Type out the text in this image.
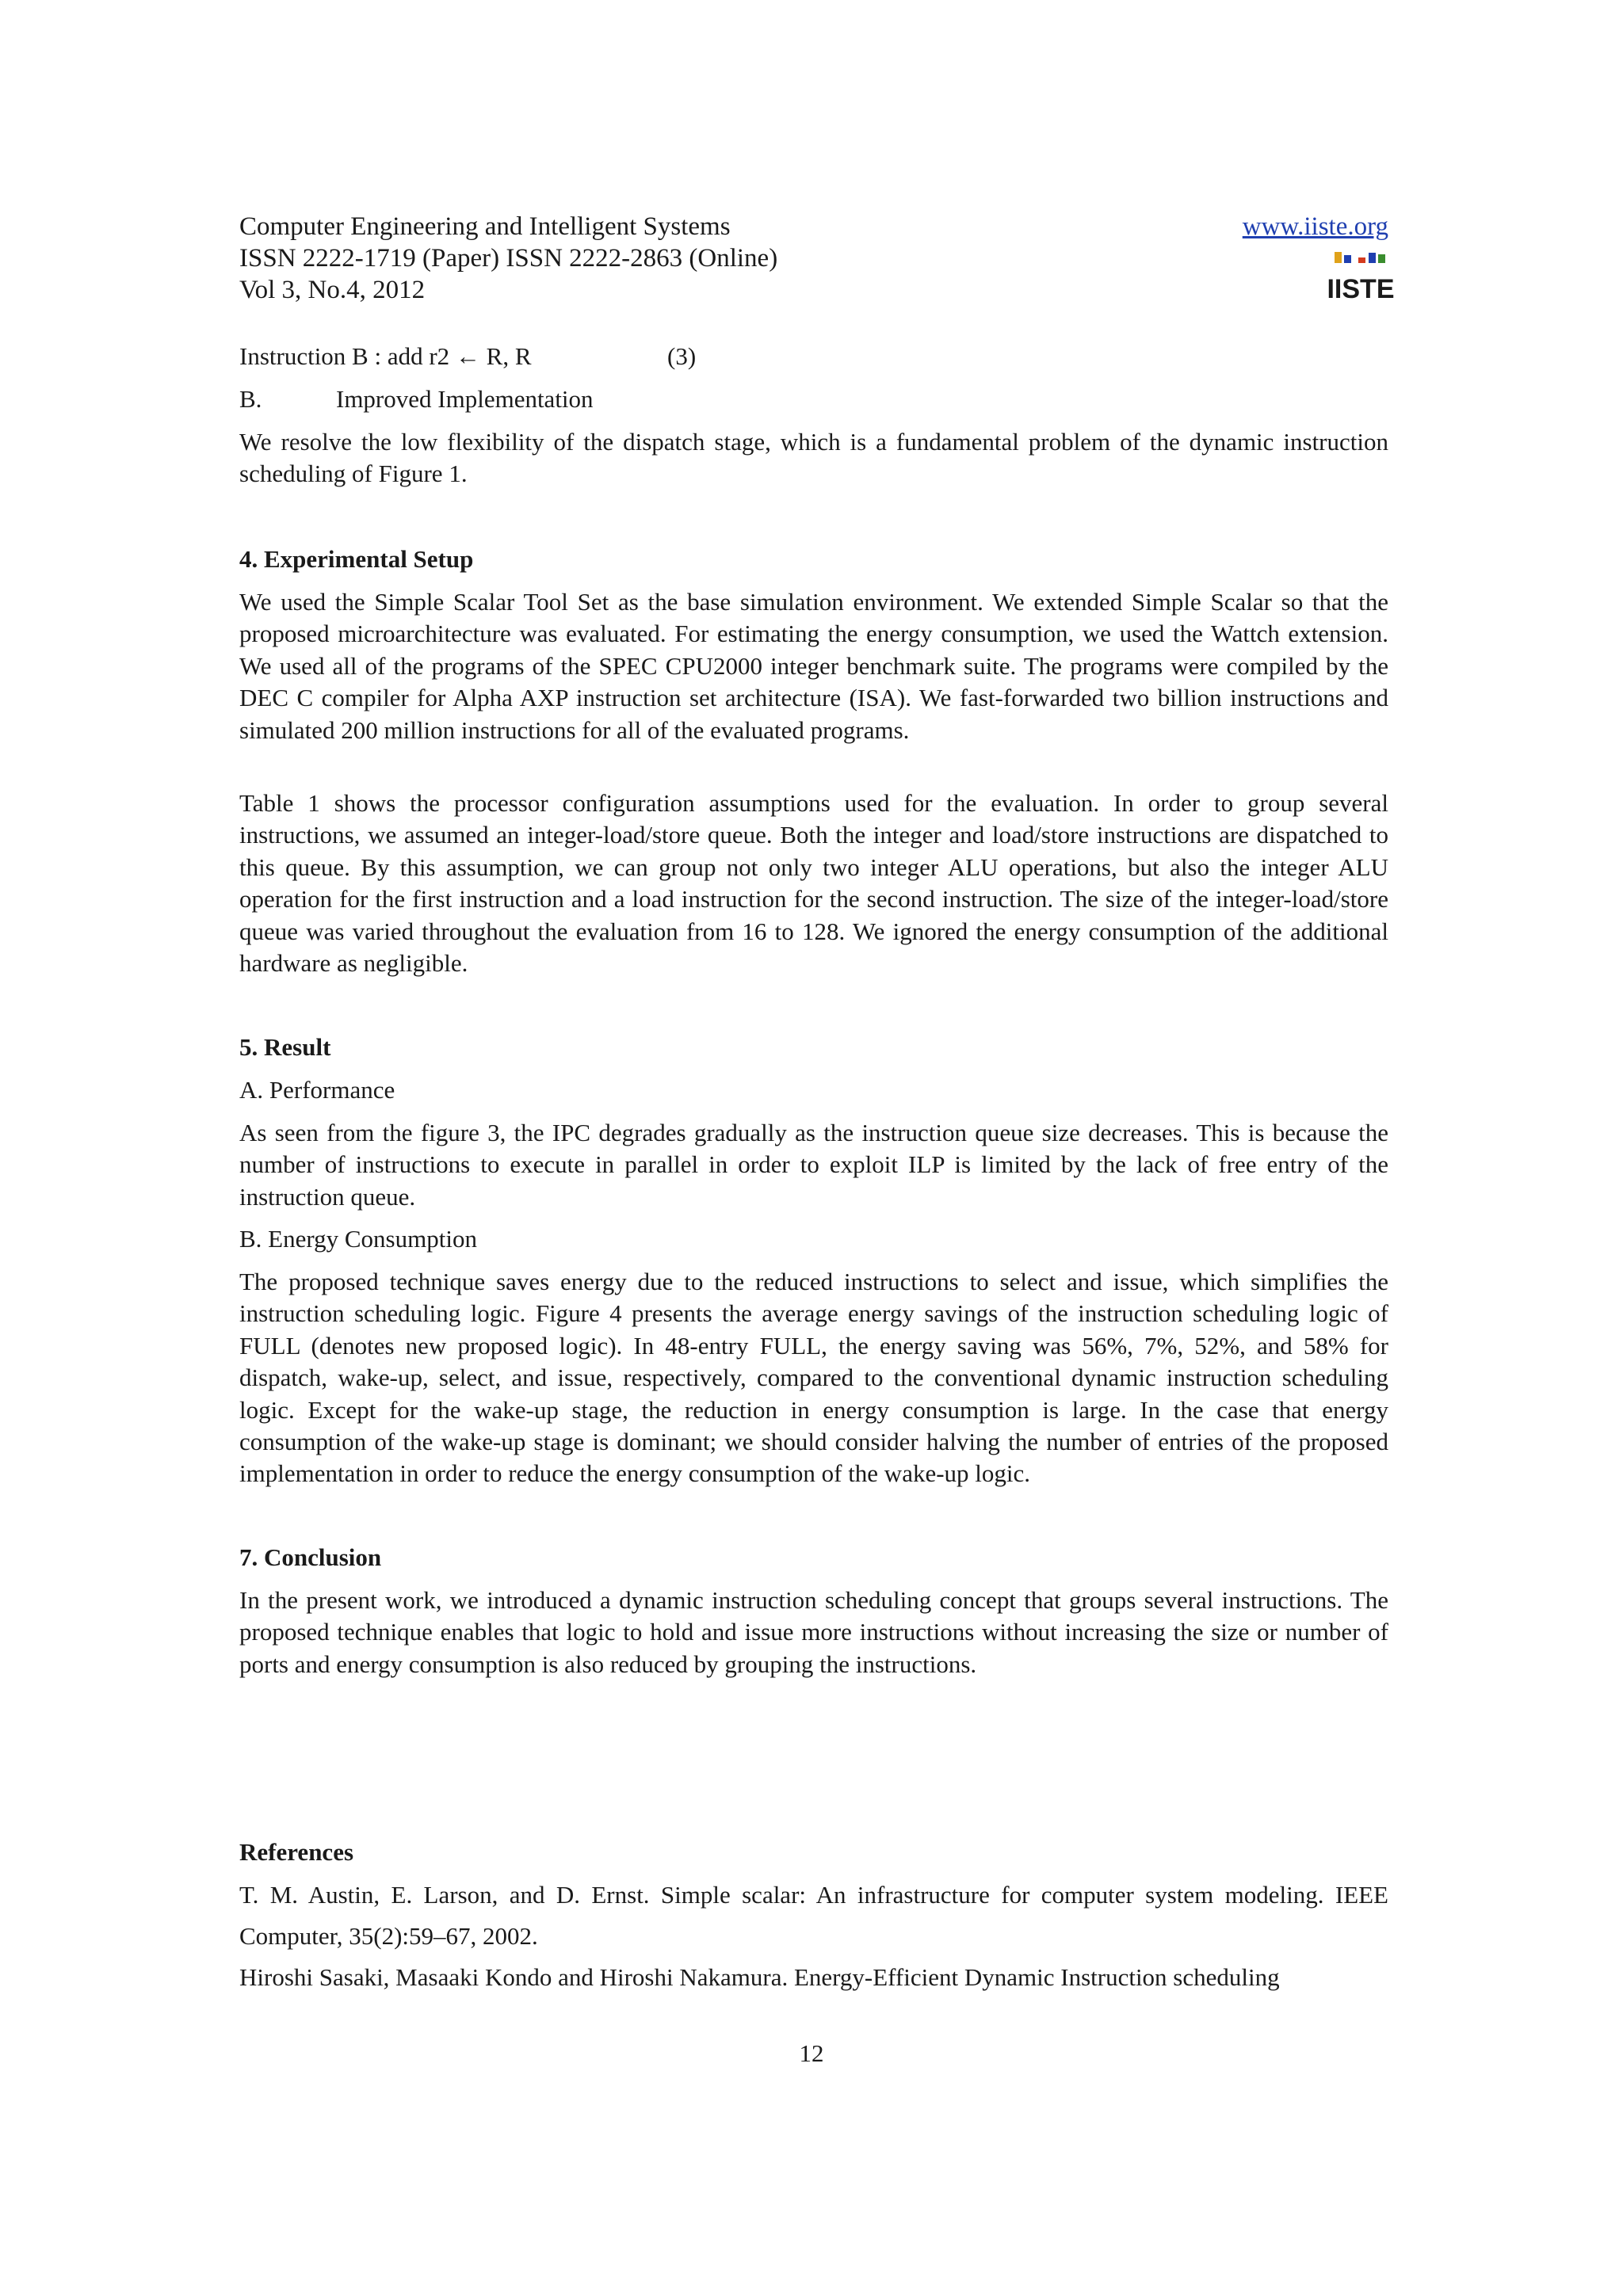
Computer Engineering and Intelligent Systems
ISSN 2222-1719 (Paper) ISSN 2222-2863 (Online)
Vol 3, No.4, 2012
www.iiste.org
IISTE
Instruction B : add r2 ← R, R	(3)
B.	Improved Implementation
We resolve the low flexibility of the dispatch stage, which is a fundamental problem of the dynamic instruction scheduling of Figure 1.
4. Experimental Setup
We used the Simple Scalar Tool Set as the base simulation environment. We extended Simple Scalar so that the proposed microarchitecture was evaluated. For estimating the energy consumption, we used the Wattch extension. We used all of the programs of the SPEC CPU2000 integer benchmark suite. The programs were compiled by the DEC C compiler for Alpha AXP instruction set architecture (ISA). We fast-forwarded two billion instructions and simulated 200 million instructions for all of the evaluated programs.
Table 1 shows the processor configuration assumptions used for the evaluation. In order to group several instructions, we assumed an integer-load/store queue. Both the integer and load/store instructions are dispatched to this queue. By this assumption, we can group not only two integer ALU operations, but also the integer ALU operation for the first instruction and a load instruction for the second instruction. The size of the integer-load/store queue was varied throughout the evaluation from 16 to 128. We ignored the energy consumption of the additional hardware as negligible.
5. Result
A. Performance
As seen from the figure 3, the IPC degrades gradually as the instruction queue size decreases. This is because the number of instructions to execute in parallel in order to exploit ILP is limited by the lack of free entry of the instruction queue.
B. Energy Consumption
The proposed technique saves energy due to the reduced instructions to select and issue, which simplifies the instruction scheduling logic. Figure 4 presents the average energy savings of the instruction scheduling logic of FULL (denotes new proposed logic). In 48-entry FULL, the energy saving was 56%, 7%, 52%, and 58% for dispatch, wake-up, select, and issue, respectively, compared to the conventional dynamic instruction scheduling logic. Except for the wake-up stage, the reduction in energy consumption is large. In the case that energy consumption of the wake-up stage is dominant; we should consider halving the number of entries of the proposed implementation in order to reduce the energy consumption of the wake-up logic.
7. Conclusion
In the present work, we introduced a dynamic instruction scheduling concept that groups several instructions. The proposed technique enables that logic to hold and issue more instructions without increasing the size or number of ports and energy consumption is also reduced by grouping the instructions.
References
T. M. Austin, E. Larson, and D. Ernst. Simple scalar: An infrastructure for computer system modeling. IEEE Computer, 35(2):59–67, 2002.
Hiroshi Sasaki, Masaaki Kondo and Hiroshi Nakamura. Energy-Efficient Dynamic Instruction scheduling
12
